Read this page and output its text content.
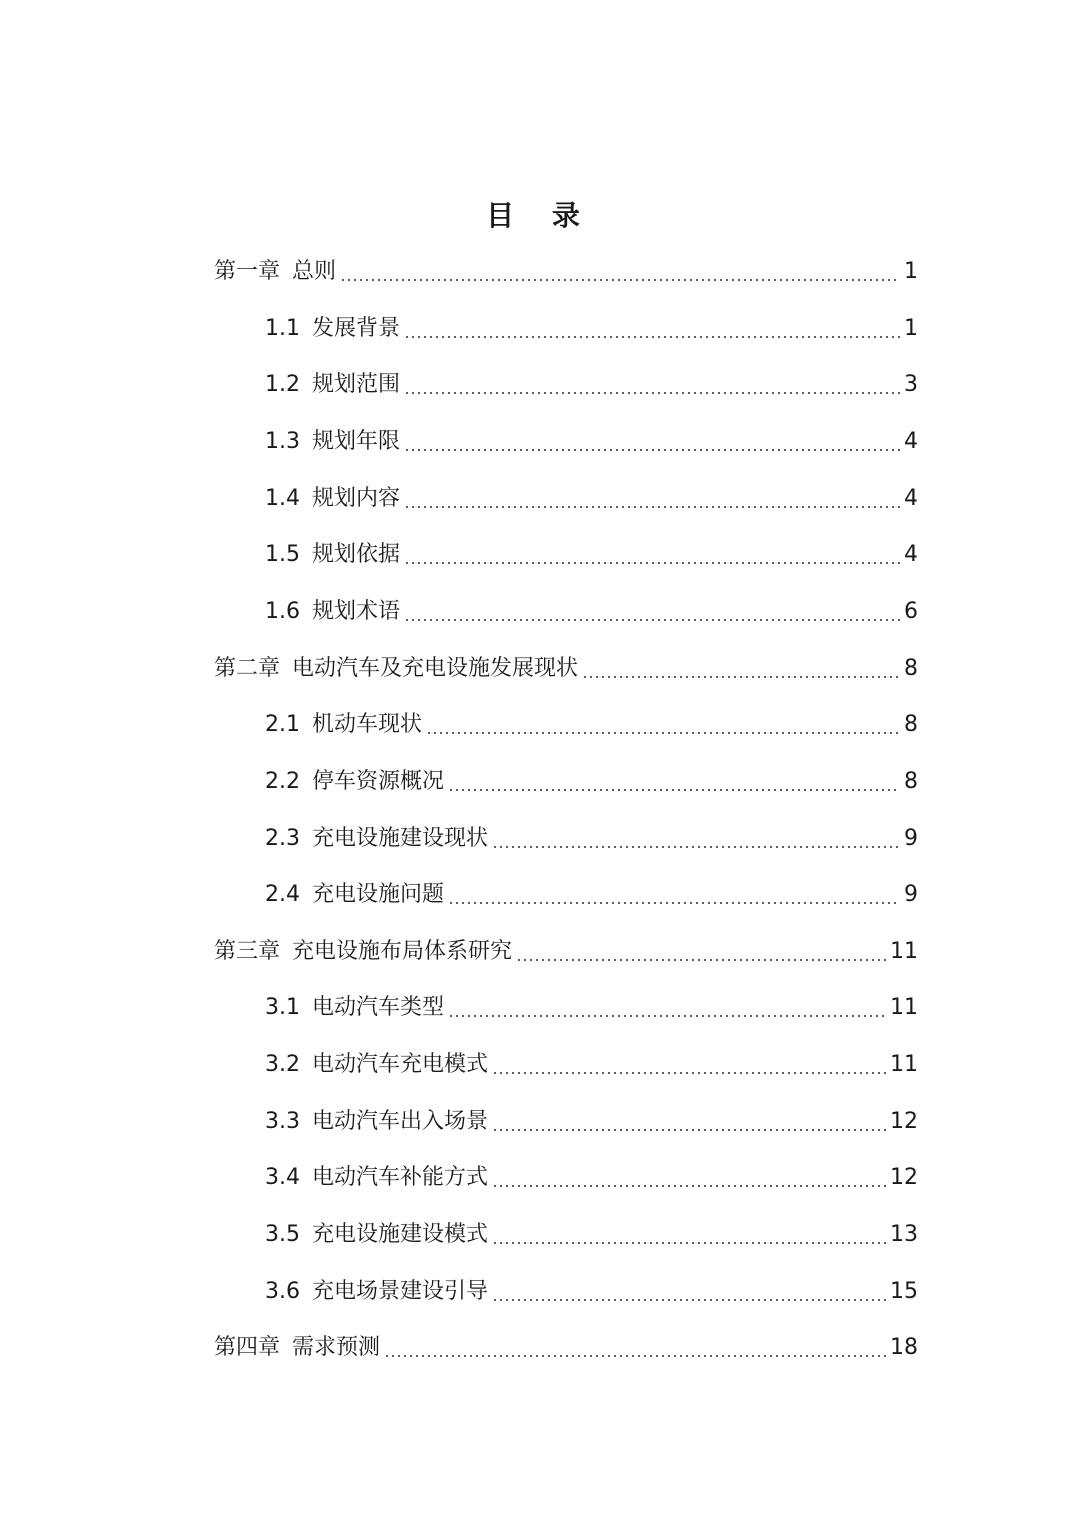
目 录
第一章 总则	1
1.1 发展背景	1
1.2 规划范围	3
1.3 规划年限	4
1.4 规划内容	4
1.5 规划依据	4
1.6 规划术语	6
第二章 电动汽车及充电设施发展现状	8
2.1 机动车现状	8
2.2 停车资源概况	8
2.3 充电设施建设现状	9
2.4 充电设施问题	9
第三章 充电设施布局体系研究	11
3.1 电动汽车类型	11
3.2 电动汽车充电模式	11
3.3 电动汽车出入场景	12
3.4 电动汽车补能方式	12
3.5 充电设施建设模式	13
3.6 充电场景建设引导	15
第四章 需求预测	18
